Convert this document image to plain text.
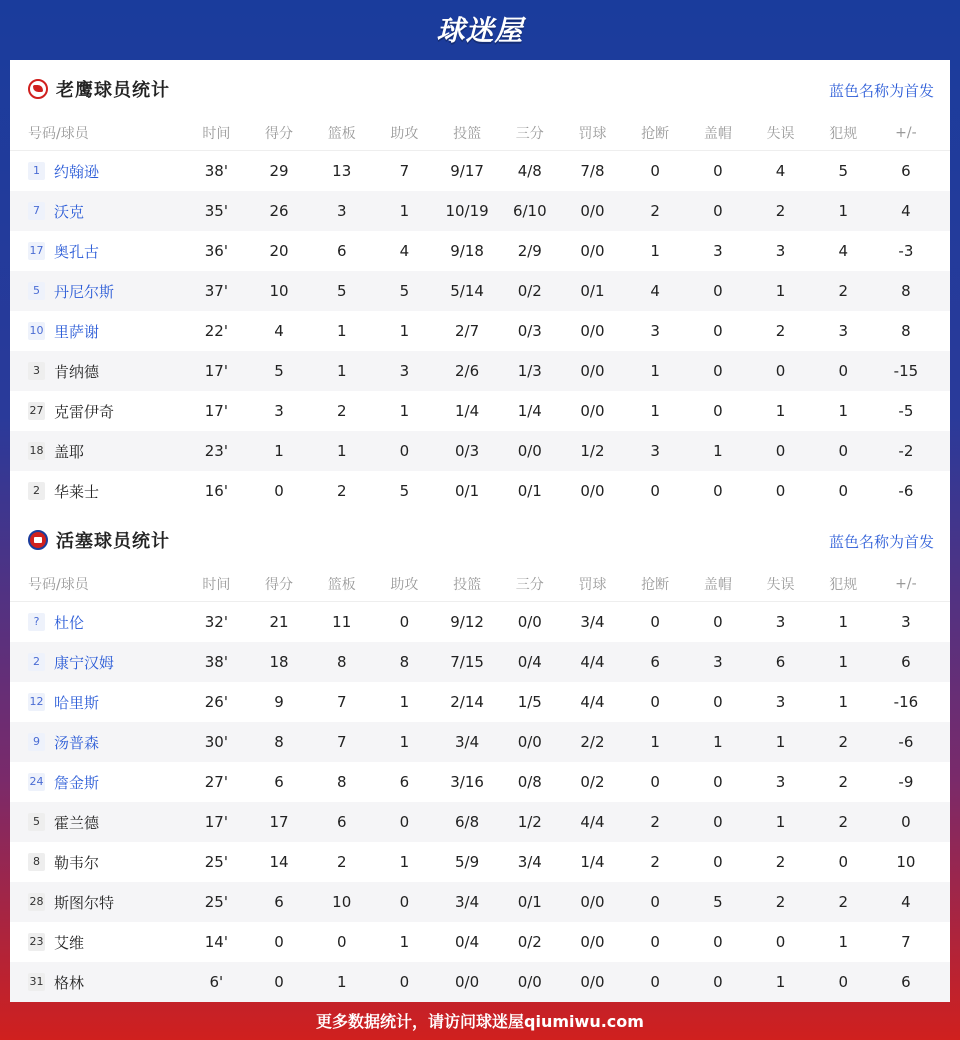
球迷屋
老鹰球员统计	蓝色名称为首发
号码/球员	时间	得分	篮板	助攻	投篮	三分	罚球	抢断	盖帽	失误	犯规	+/-
1 约翰逊	38'	29	13	7	9/17	4/8	7/8	0	0	4	5	6
7 沃克	35'	26	3	1	10/19	6/10	0/0	2	0	2	1	4
17 奥孔古	36'	20	6	4	9/18	2/9	0/0	1	3	3	4	-3
5 丹尼尔斯	37'	10	5	5	5/14	0/2	0/1	4	0	1	2	8
10 里萨谢	22'	4	1	1	2/7	0/3	0/0	3	0	2	3	8
3 肯纳德	17'	5	1	3	2/6	1/3	0/0	1	0	0	0	-15
27 克雷伊奇	17'	3	2	1	1/4	1/4	0/0	1	0	1	1	-5
18 盖耶	23'	1	1	0	0/3	0/0	1/2	3	1	0	0	-2
2 华莱士	16'	0	2	5	0/1	0/1	0/0	0	0	0	0	-6
活塞球员统计	蓝色名称为首发
号码/球员	时间	得分	篮板	助攻	投篮	三分	罚球	抢断	盖帽	失误	犯规	+/-
? 杜伦	32'	21	11	0	9/12	0/0	3/4	0	0	3	1	3
2 康宁汉姆	38'	18	8	8	7/15	0/4	4/4	6	3	6	1	6
12 哈里斯	26'	9	7	1	2/14	1/5	4/4	0	0	3	1	-16
9 汤普森	30'	8	7	1	3/4	0/0	2/2	1	1	1	2	-6
24 詹金斯	27'	6	8	6	3/16	0/8	0/2	0	0	3	2	-9
5 霍兰德	17'	17	6	0	6/8	1/2	4/4	2	0	1	2	0
8 勒韦尔	25'	14	2	1	5/9	3/4	1/4	2	0	2	0	10
28 斯图尔特	25'	6	10	0	3/4	0/1	0/0	0	5	2	2	4
23 艾维	14'	0	0	1	0/4	0/2	0/0	0	0	0	1	7
31 格林	6'	0	1	0	0/0	0/0	0/0	0	0	1	0	6
更多数据统计，请访问球迷屋qiumiwu.com
